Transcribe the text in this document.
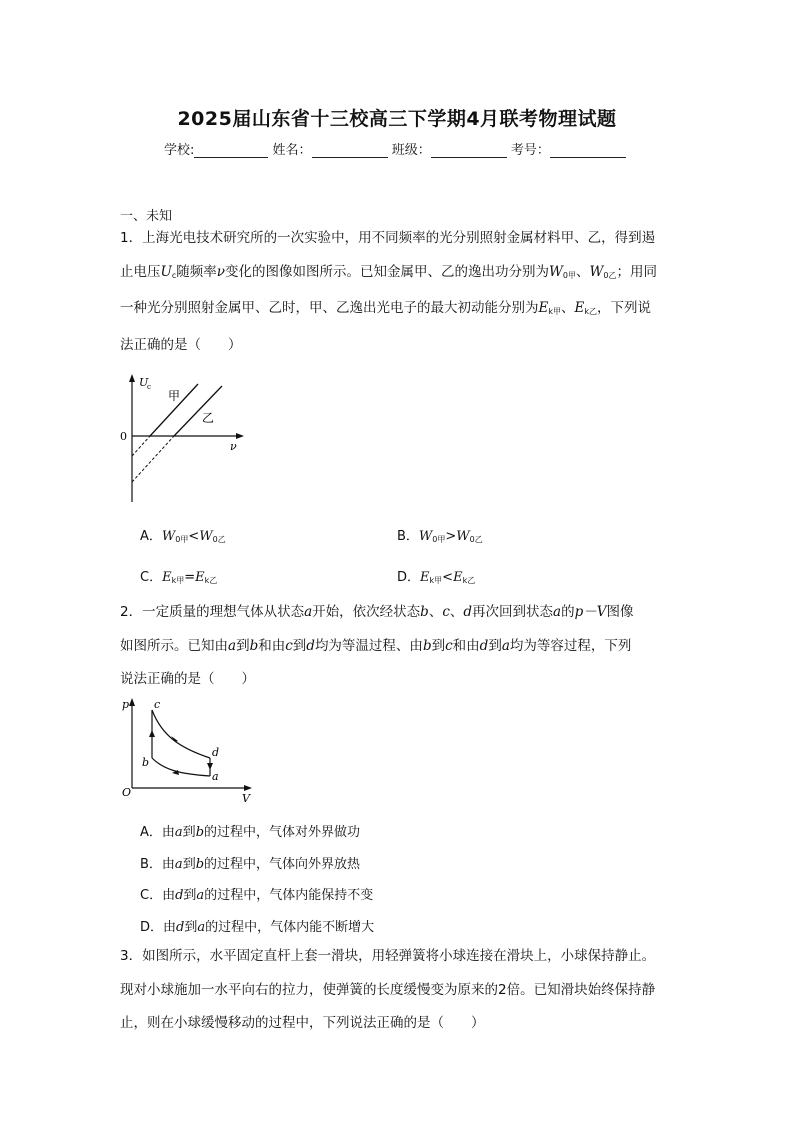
2025届山东省十三校高三下学期4月联考物理试题
学校:	姓名：	班级：	考号：
一、未知
1．上海光电技术研究所的一次实验中，用不同频率的光分别照射金属材料甲、乙，得到遏
止电压$U_c$随频率ν变化的图像如图所示。已知金属甲、乙的逸出功分别为$W_{0甲}$、$W_{0乙}$；用同
一种光分别照射金属甲、乙时，甲、乙逸出光电子的最大初动能分别为$E_{k甲}$、$E_{k乙}$，下列说
法正确的是（　　）
U
c
0
ν
甲
乙
A．$W_{0甲}<W_{0乙}$	B．$W_{0甲}>W_{0乙}$
C．$E_{k甲}=E_{k乙}$	D．$E_{k甲}<E_{k乙}$
2．一定质量的理想气体从状态a开始，依次经状态b、c、d再次回到状态a的p－V图像
如图所示。已知由a到b和由c到d均为等温过程、由b到c和由d到a均为等容过程，下列
说法正确的是（　　）
p
V
O
c
b
d
a
A．由a到b的过程中，气体对外界做功
B．由a到b的过程中，气体向外界放热
C．由d到a的过程中，气体内能保持不变
D．由d到a的过程中，气体内能不断增大
3．如图所示，水平固定直杆上套一滑块，用轻弹簧将小球连接在滑块上，小球保持静止。
现对小球施加一水平向右的拉力，使弹簧的长度缓慢变为原来的2倍。已知滑块始终保持静
止，则在小球缓慢移动的过程中，下列说法正确的是（　　）
